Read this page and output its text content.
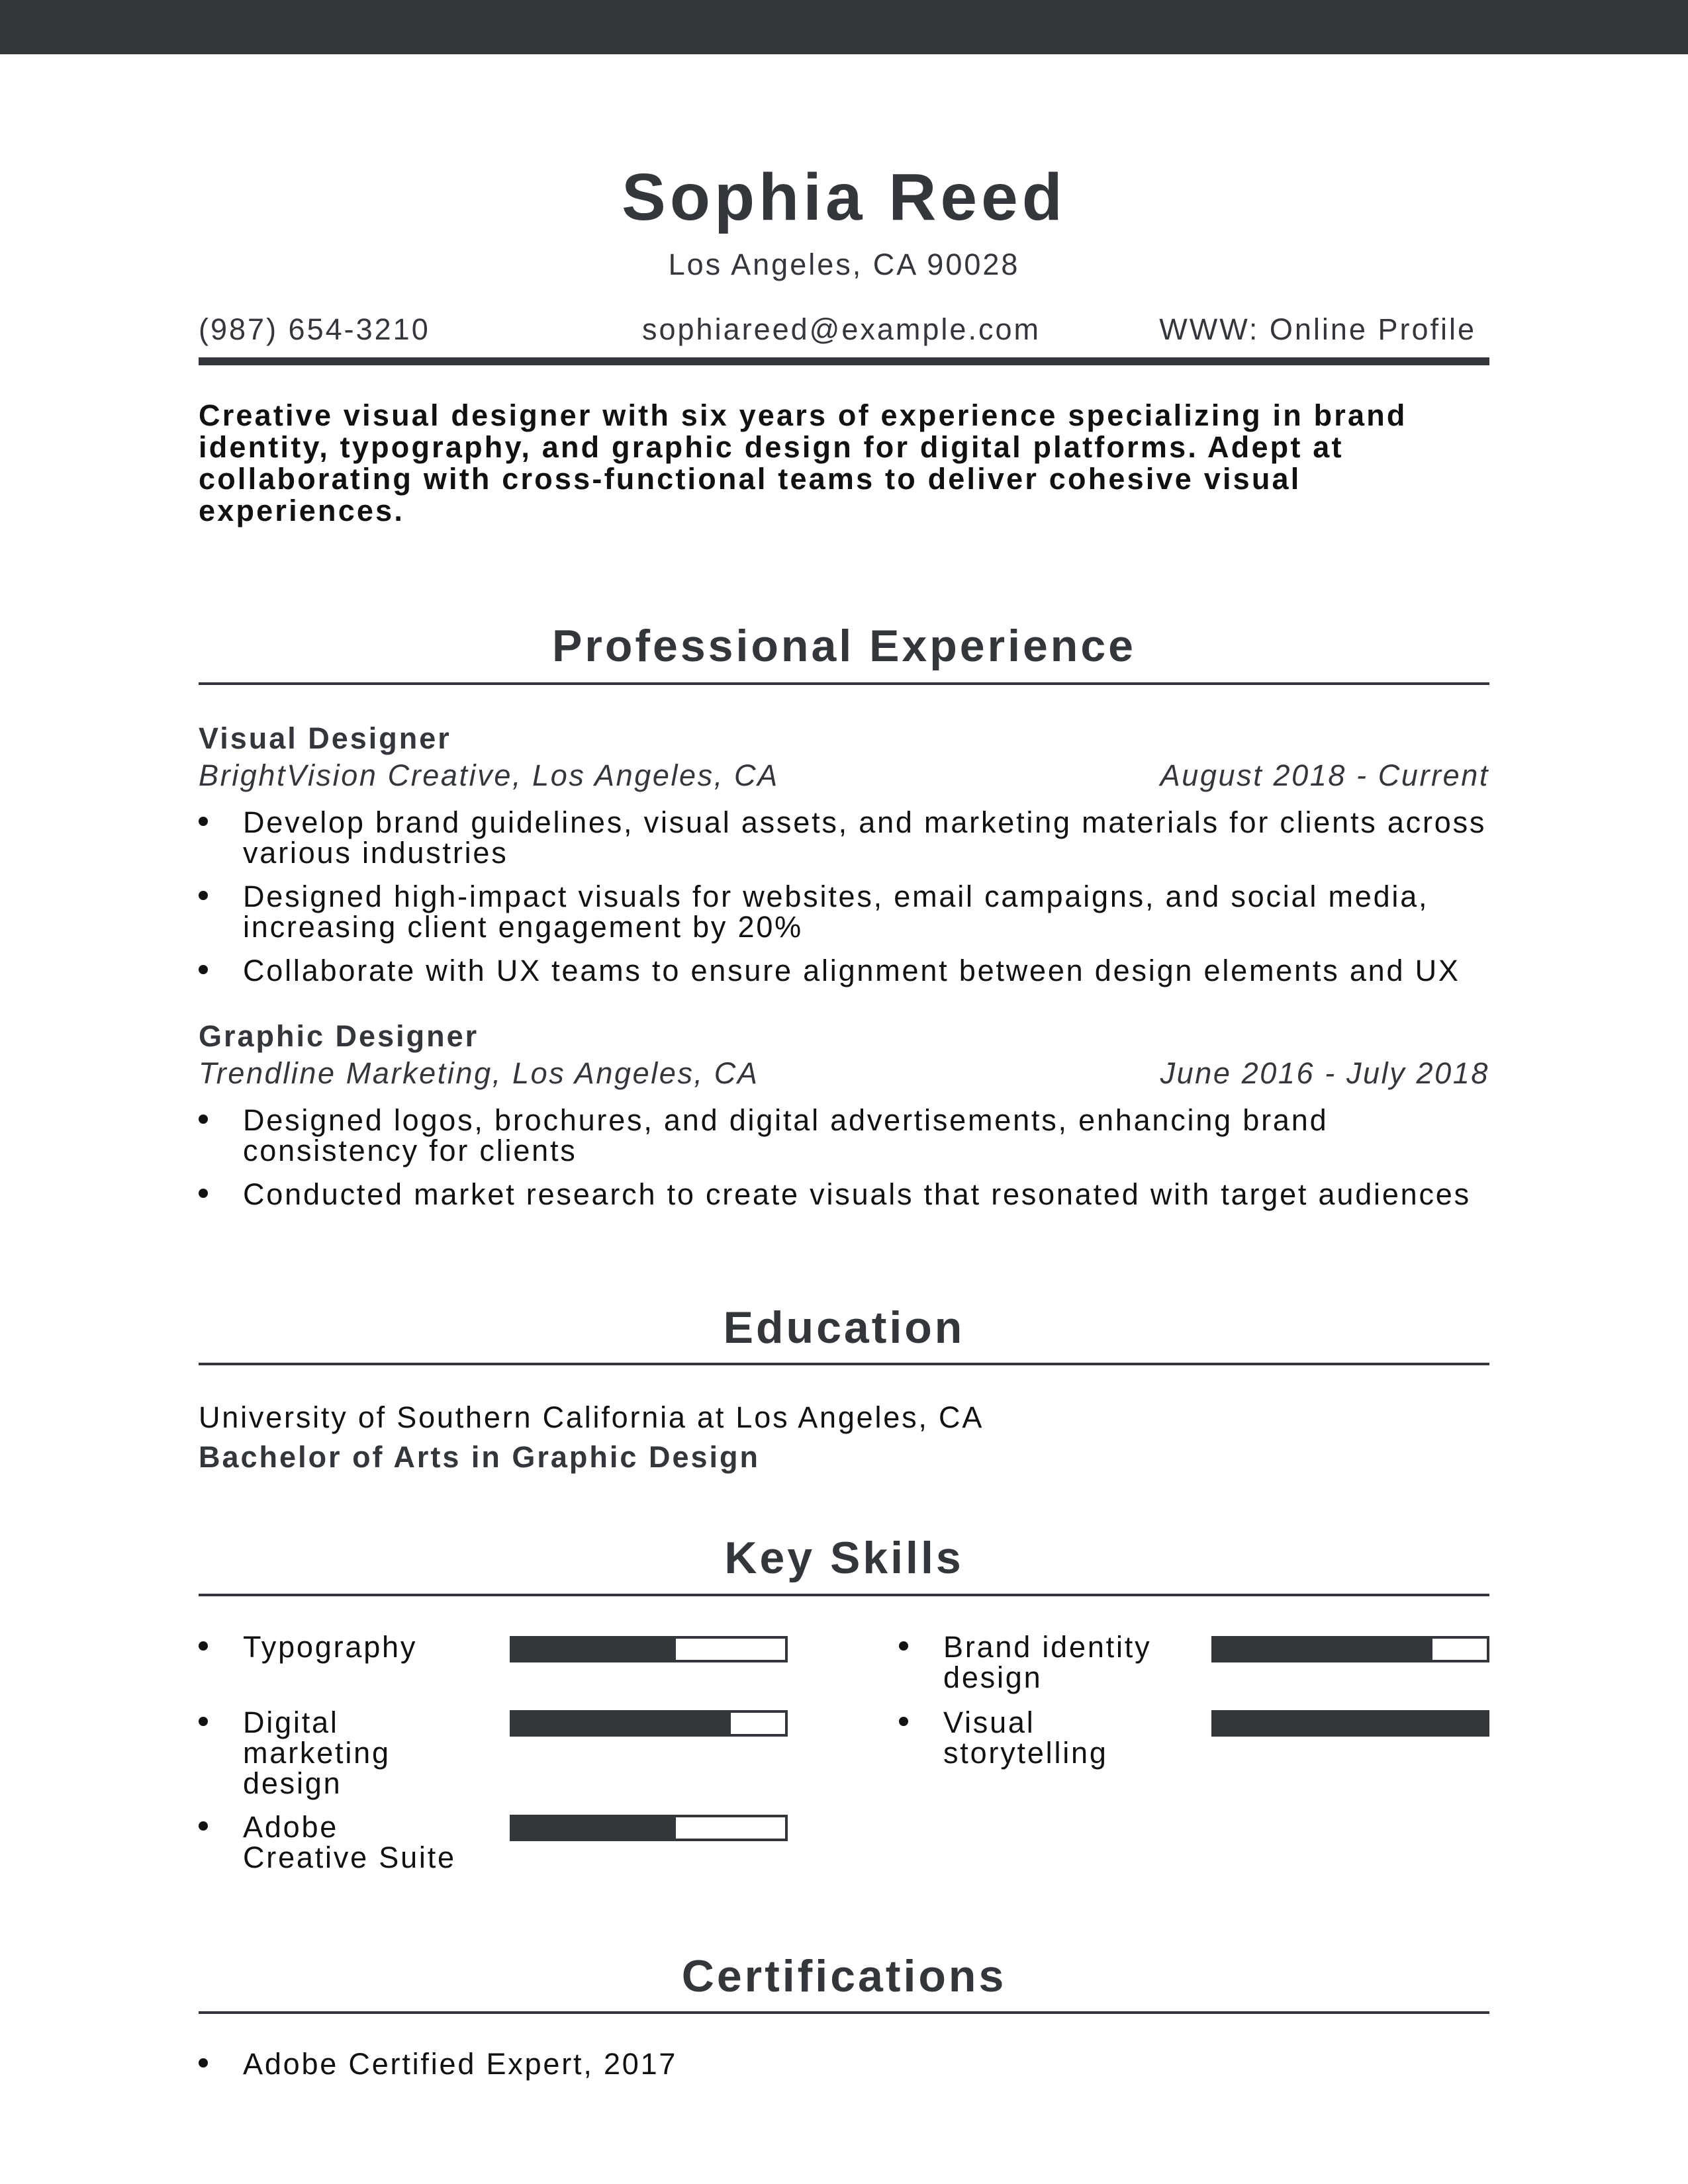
Sophia Reed
Los Angeles, CA 90028
(987) 654-3210	sophiareed@example.com	WWW: Online Profile
Creative visual designer with six years of experience specializing in brand identity, typography, and graphic design for digital platforms. Adept at collaborating with cross-functional teams to deliver cohesive visual experiences.
Professional Experience
Visual Designer
BrightVision Creative, Los Angeles, CA	August 2018 - Current
Develop brand guidelines, visual assets, and marketing materials for clients across various industries
Designed high-impact visuals for websites, email campaigns, and social media, increasing client engagement by 20%
Collaborate with UX teams to ensure alignment between design elements and UX
Graphic Designer
Trendline Marketing, Los Angeles, CA	June 2016 - July 2018
Designed logos, brochures, and digital advertisements, enhancing brand consistency for clients
Conducted market research to create visuals that resonated with target audiences
Education
University of Southern California at Los Angeles, CA
Bachelor of Arts in Graphic Design
Key Skills
Typography	Brand identity design
Digital marketing design
Visual storytelling
Adobe Creative Suite
Certifications
Adobe Certified Expert, 2017
